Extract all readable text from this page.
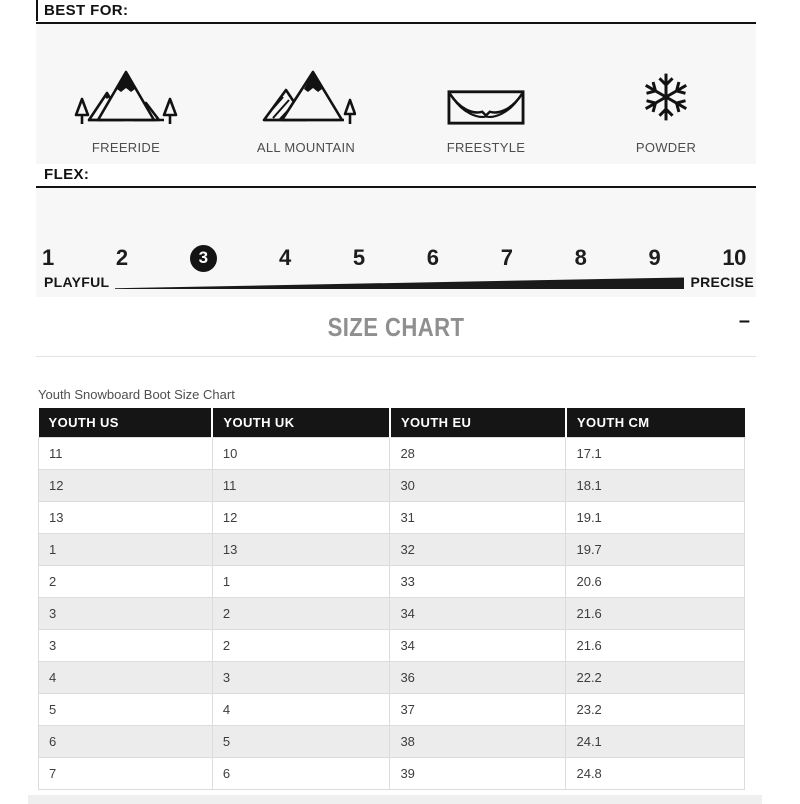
BEST FOR:
FREERIDE	ALL MOUNTAIN	FREESTYLE	POWDER
FLEX:
1	2	3	4	5	6	7	8	9	10
PLAYFUL	PRECISE
SIZE CHART	–
Youth Snowboard Boot Size Chart
YOUTH US	YOUTH UK	YOUTH EU	YOUTH CM
11	10	28	17.1
12	11	30	18.1
13	12	31	19.1
1	13	32	19.7
2	1	33	20.6
3	2	34	21.6
3	2	34	21.6
4	3	36	22.2
5	4	37	23.2
6	5	38	24.1
7	6	39	24.8
